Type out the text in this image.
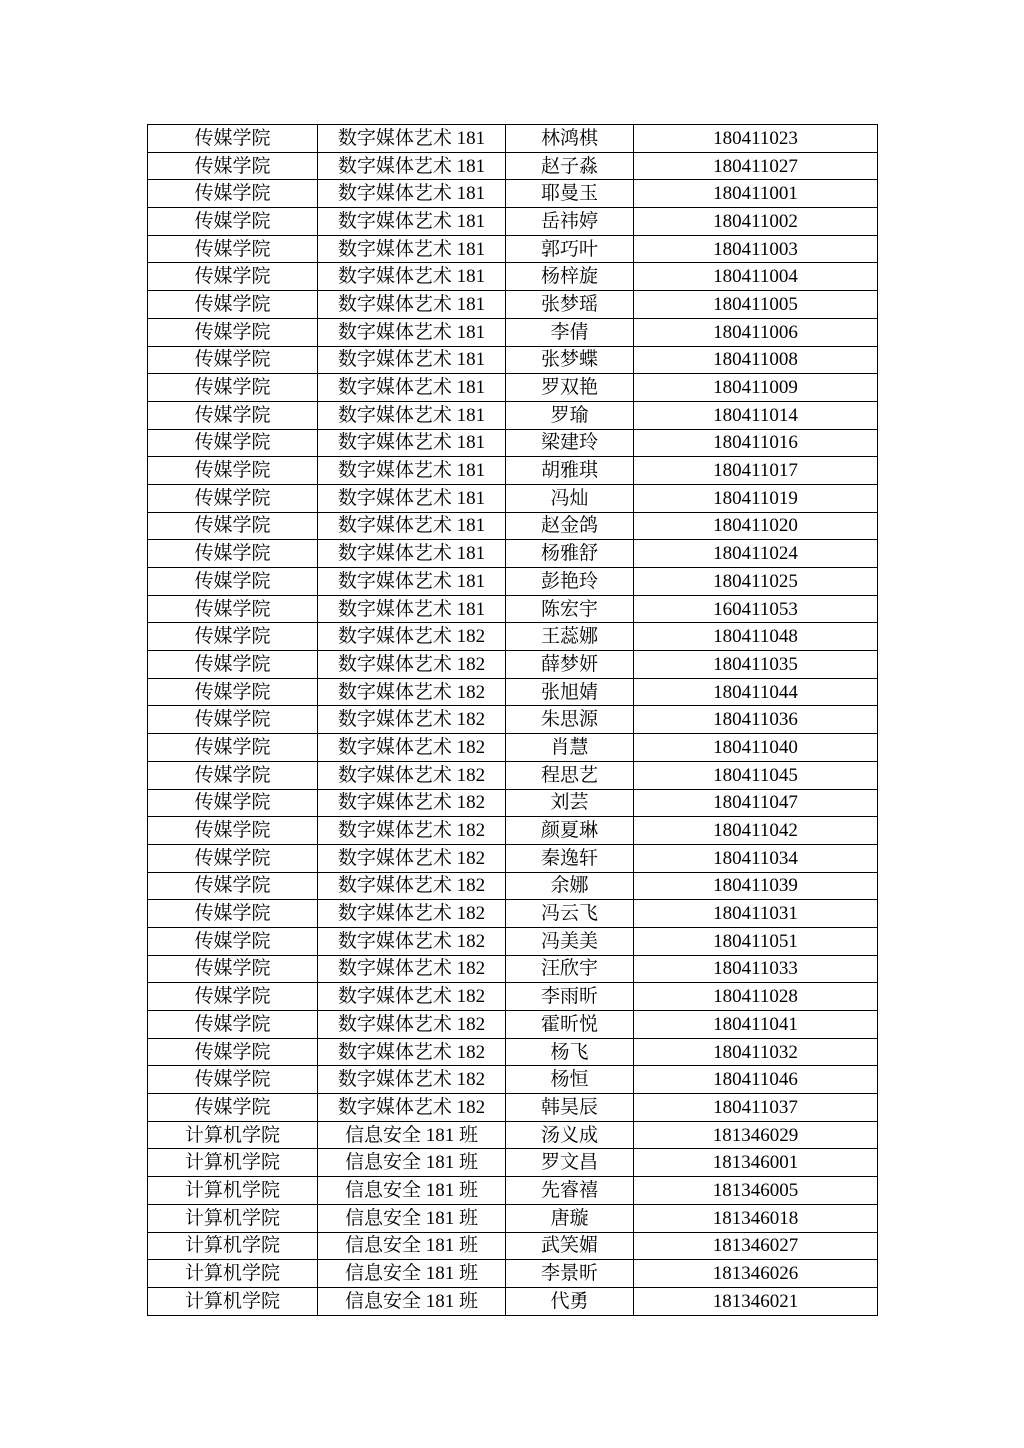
传媒学院	数字媒体艺术 181	林鸿棋	180411023
传媒学院	数字媒体艺术 181	赵子淼	180411027
传媒学院	数字媒体艺术 181	耶曼玉	180411001
传媒学院	数字媒体艺术 181	岳祎婷	180411002
传媒学院	数字媒体艺术 181	郭巧叶	180411003
传媒学院	数字媒体艺术 181	杨梓旋	180411004
传媒学院	数字媒体艺术 181	张梦瑶	180411005
传媒学院	数字媒体艺术 181	李倩	180411006
传媒学院	数字媒体艺术 181	张梦蝶	180411008
传媒学院	数字媒体艺术 181	罗双艳	180411009
传媒学院	数字媒体艺术 181	罗瑜	180411014
传媒学院	数字媒体艺术 181	梁建玲	180411016
传媒学院	数字媒体艺术 181	胡雅琪	180411017
传媒学院	数字媒体艺术 181	冯灿	180411019
传媒学院	数字媒体艺术 181	赵金鸽	180411020
传媒学院	数字媒体艺术 181	杨雅舒	180411024
传媒学院	数字媒体艺术 181	彭艳玲	180411025
传媒学院	数字媒体艺术 181	陈宏宇	160411053
传媒学院	数字媒体艺术 182	王蕊娜	180411048
传媒学院	数字媒体艺术 182	薛梦妍	180411035
传媒学院	数字媒体艺术 182	张旭婧	180411044
传媒学院	数字媒体艺术 182	朱思源	180411036
传媒学院	数字媒体艺术 182	肖慧	180411040
传媒学院	数字媒体艺术 182	程思艺	180411045
传媒学院	数字媒体艺术 182	刘芸	180411047
传媒学院	数字媒体艺术 182	颜夏琳	180411042
传媒学院	数字媒体艺术 182	秦逸轩	180411034
传媒学院	数字媒体艺术 182	余娜	180411039
传媒学院	数字媒体艺术 182	冯云飞	180411031
传媒学院	数字媒体艺术 182	冯美美	180411051
传媒学院	数字媒体艺术 182	汪欣宇	180411033
传媒学院	数字媒体艺术 182	李雨昕	180411028
传媒学院	数字媒体艺术 182	霍昕悦	180411041
传媒学院	数字媒体艺术 182	杨飞	180411032
传媒学院	数字媒体艺术 182	杨恒	180411046
传媒学院	数字媒体艺术 182	韩昊辰	180411037
计算机学院	信息安全 181 班	汤义成	181346029
计算机学院	信息安全 181 班	罗文昌	181346001
计算机学院	信息安全 181 班	先睿禧	181346005
计算机学院	信息安全 181 班	唐璇	181346018
计算机学院	信息安全 181 班	武笑媚	181346027
计算机学院	信息安全 181 班	李景昕	181346026
计算机学院	信息安全 181 班	代勇	181346021
